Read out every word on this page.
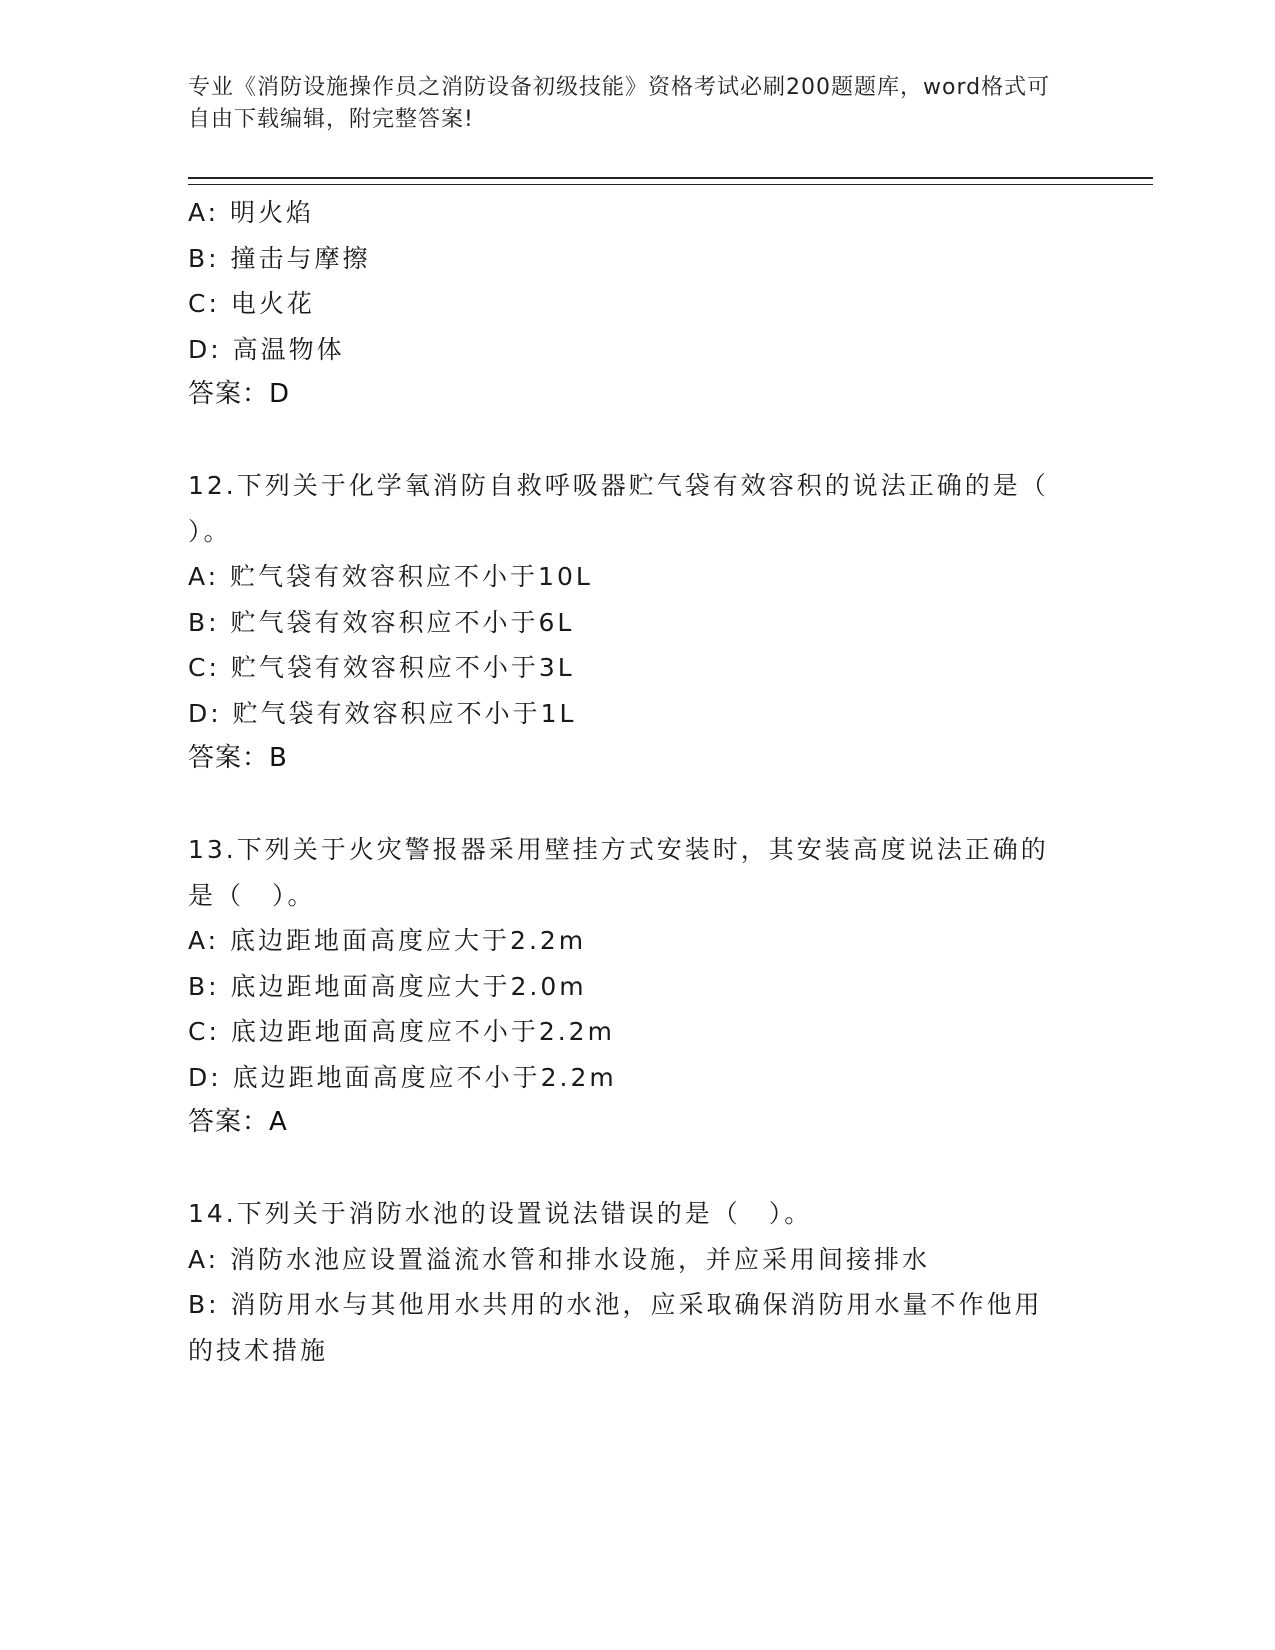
专业《消防设施操作员之消防设备初级技能》资格考试必刷200题题库，word格式可自由下载编辑，附完整答案!
A: 明火焰
B: 撞击与摩擦
C: 电火花
D: 高温物体
答案：D
12.下列关于化学氧消防自救呼吸器贮气袋有效容积的说法正确的是（
）。
A: 贮气袋有效容积应不小于10L
B: 贮气袋有效容积应不小于6L
C: 贮气袋有效容积应不小于3L
D: 贮气袋有效容积应不小于1L
答案：B
13.下列关于火灾警报器采用壁挂方式安装时，其安装高度说法正确的
是（　）。
A: 底边距地面高度应大于2.2m
B: 底边距地面高度应大于2.0m
C: 底边距地面高度应不小于2.2m
D: 底边距地面高度应不小于2.2m
答案：A
14.下列关于消防水池的设置说法错误的是（　）。
A: 消防水池应设置溢流水管和排水设施，并应采用间接排水
B: 消防用水与其他用水共用的水池，应采取确保消防用水量不作他用
的技术措施
